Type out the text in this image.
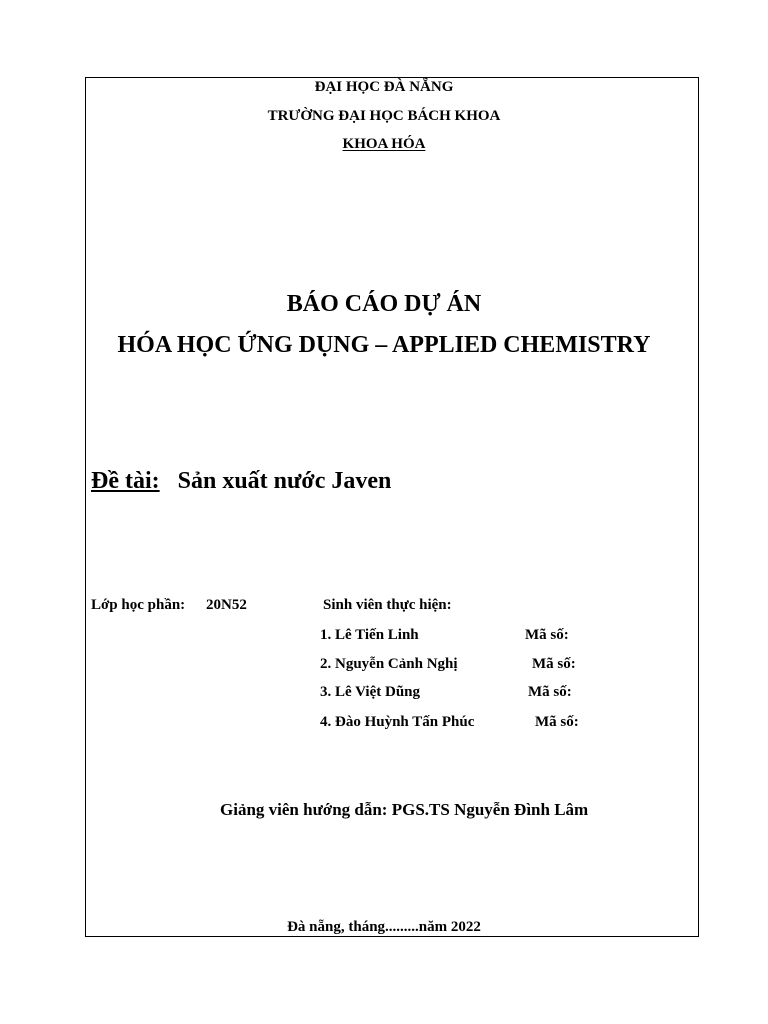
ĐẠI HỌC ĐÀ NẴNG
TRƯỜNG ĐẠI HỌC BÁCH KHOA
KHOA HÓA
BÁO CÁO DỰ ÁN
HÓA HỌC ỨNG DỤNG – APPLIED CHEMISTRY
Đề tài: Sản xuất nước Javen
Lớp học phần: 20N52	Sinh viên thực hiện:
1. Lê Tiến Linh	Mã số:
2. Nguyễn Cảnh Nghị	Mã số:
3. Lê Việt Dũng	Mã số:
4. Đào Huỳnh Tấn Phúc	Mã số:
Giảng viên hướng dẫn: PGS.TS Nguyễn Đình Lâm
Đà nẵng, tháng.........năm 2022
